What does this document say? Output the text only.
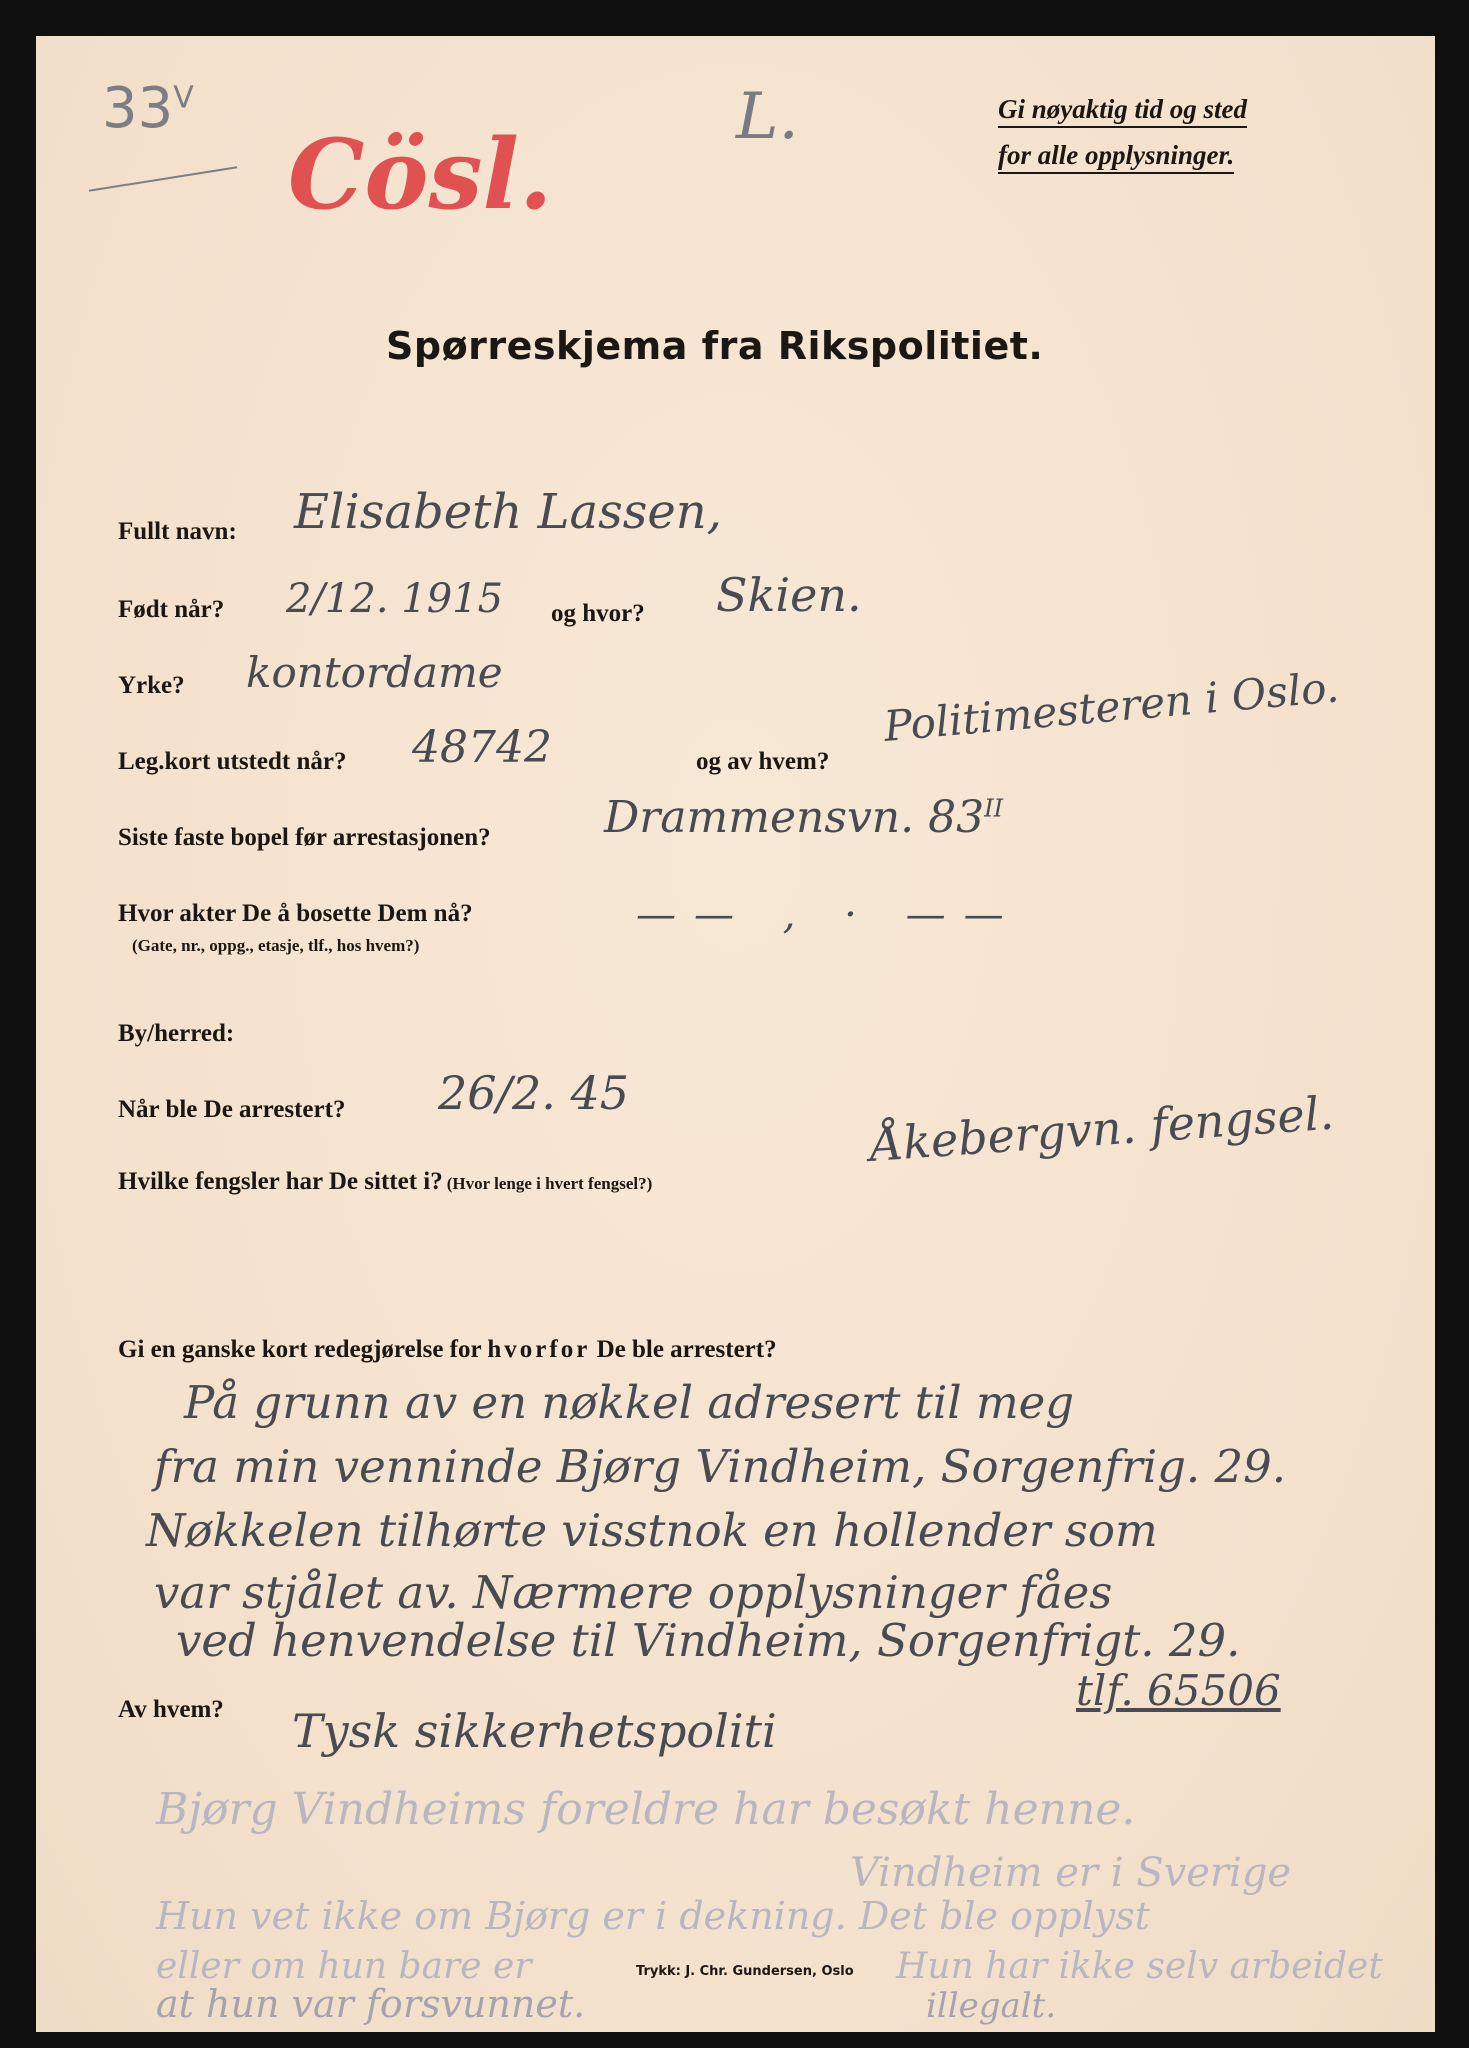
$33^V$
Cösl.
L.	Gi nøyaktig tid og sted
for alle opplysninger.
Spørreskjema fra Rikspolitiet.
Fullt navn: Elisabeth Lassen,
Født når? 2/12. 1915 og hvor? Skien.
Yrke? kontordame
Leg.kort utstedt når? 48742	og av hvem?
Politimesteren i Oslo.
Siste faste bopel før arrestasjonen?	Drammensvn. $83^{II}$
Hvor akter De å bosette Dem nå?
(Gate, nr., oppg., etasje, tlf., hos hvem?)
—— , · ——
By/herred:
Når ble De arrestert? 26/2. 45
Hvilke fengsler har De sittet i? (Hvor lenge i hvert fengsel?)
Åkebergvn. fengsel.
Gi en ganske kort redegjørelse for hvorfor De ble arrestert?
På grunn av en nøkkel adresert til meg
fra min venninde Bjørg Vindheim, Sorgenfrig. 29.
Nøkkelen tilhørte visstnok en hollender som
var stjålet av. Nærmere opplysninger fåes
ved henvendelse til Vindheim, Sorgenfrigt. 29.
tlf. 65506
Av hvem? Tysk sikkerhetspoliti
Bjørg Vindheims foreldre har besøkt henne.
Vindheim er i Sverige
Hun vet ikke om Bjørg er i dekning. Det ble opplyst
eller om hun bare er
at hun var forsvunnet.
Hun har ikke selv arbeidet
illegalt.
Trykk: J. Chr. Gundersen, Oslo
